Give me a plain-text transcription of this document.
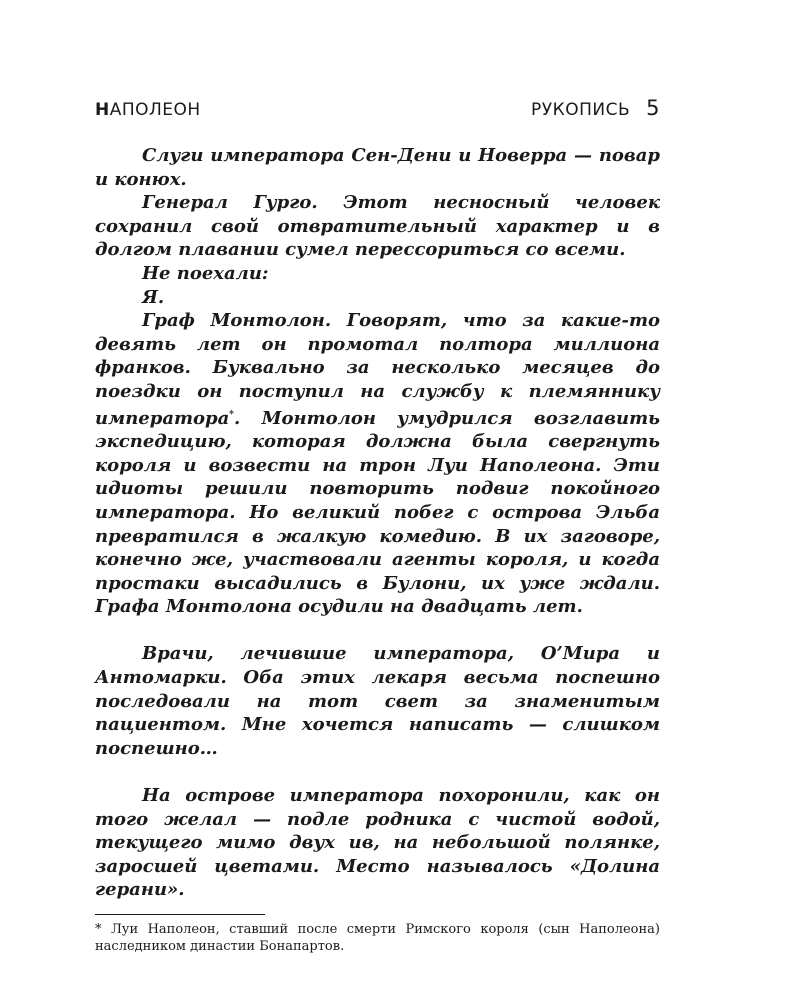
НАПОЛЕОН	РУКОПИСЬ 5

Слуги императора Сен-Дени и Новерра — повар и конюх.

Генерал Гурго. Этот несносный человек сохранил свой отвратительный характер и в долгом плавании сумел перессориться со всеми.

Не поехали:

Я.

Граф Монтолон. Говорят, что за какие-то девять лет он промотал полтора миллиона франков. Буквально за несколько месяцев до поездки он поступил на службу к племяннику императора*. Монтолон умудрился возглавить экспедицию, которая должна была свергнуть короля и возвести на трон Луи Наполеона. Эти идиоты решили повторить подвиг покойного императора. Но великий побег с острова Эльба превратился в жалкую комедию. В их заговоре, конечно же, участвовали агенты короля, и когда простаки высадились в Булони, их уже ждали. Графа Монтолона осудили на двадцать лет.

Врачи, лечившие императора, О’Мира и Антомарки. Оба этих лекаря весьма поспешно последовали на тот свет за знаменитым пациентом. Мне хочется написать — слишком поспешно…

На острове императора похоронили, как он того желал — подле родника с чистой водой, текущего мимо двух ив, на небольшой полянке, заросшей цветами. Место называлось «Долина герани».

* Луи Наполеон, ставший после смерти Римского короля (сын Наполеона) наследником династии Бонапартов.
